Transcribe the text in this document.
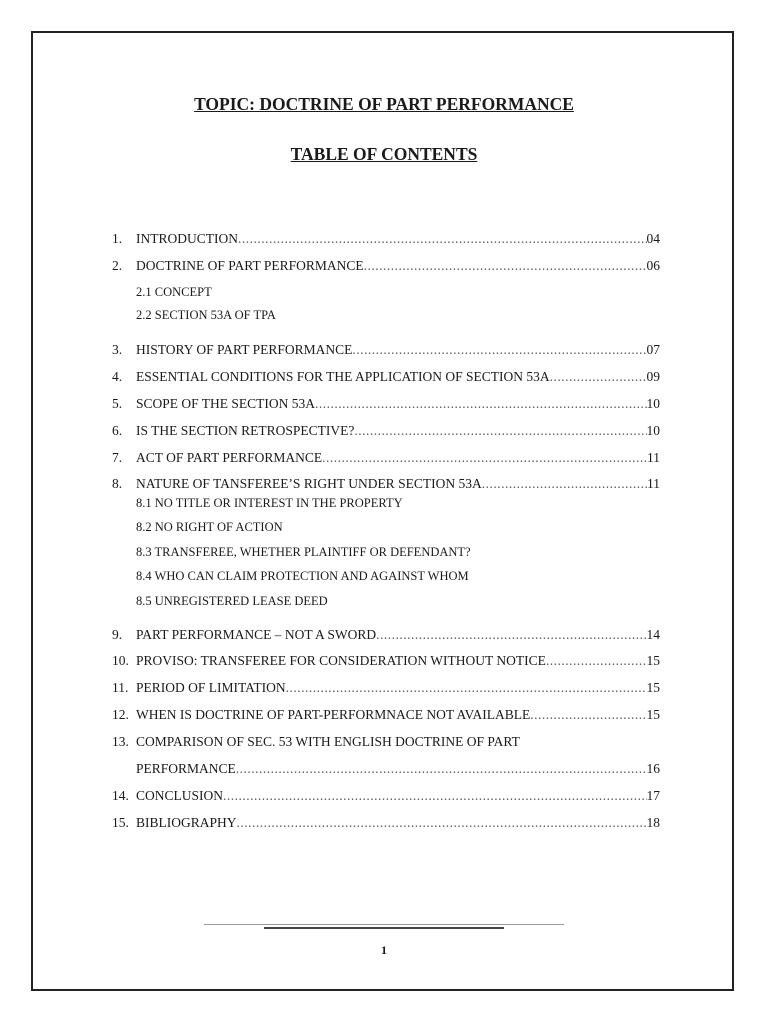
TOPIC: DOCTRINE OF PART PERFORMANCE
TABLE OF CONTENTS
1.	INTRODUCTION .....	04
2.	DOCTRINE OF PART PERFORMANCE .....	06
2.1 CONCEPT
2.2 SECTION 53A OF TPA
3.	HISTORY OF PART PERFORMANCE .....	07
4.	ESSENTIAL CONDITIONS FOR THE APPLICATION OF SECTION 53A .....	09
5.	SCOPE OF THE SECTION 53A .....	10
6.	IS THE SECTION RETROSPECTIVE? .....	10
7.	ACT OF PART PERFORMANCE .....	11
8.	NATURE OF TANSFEREE’S RIGHT UNDER SECTION 53A .....	11
8.1 NO TITLE OR INTEREST IN THE PROPERTY
8.2 NO RIGHT OF ACTION
8.3 TRANSFEREE, WHETHER PLAINTIFF OR DEFENDANT?
8.4 WHO CAN CLAIM PROTECTION AND AGAINST WHOM
8.5 UNREGISTERED LEASE DEED
9.	PART PERFORMANCE – NOT A SWORD .....	14
10. PROVISO: TRANSFEREE FOR CONSIDERATION WITHOUT NOTICE .....	15
11. PERIOD OF LIMITATION .....	15
12. WHEN IS DOCTRINE OF PART-PERFORMNACE NOT AVAILABLE .....	15
13. COMPARISON OF SEC. 53 WITH ENGLISH DOCTRINE OF PART
PERFORMANCE .....	16
14. CONCLUSION .....	17
15. BIBLIOGRAPHY .....	18
1
